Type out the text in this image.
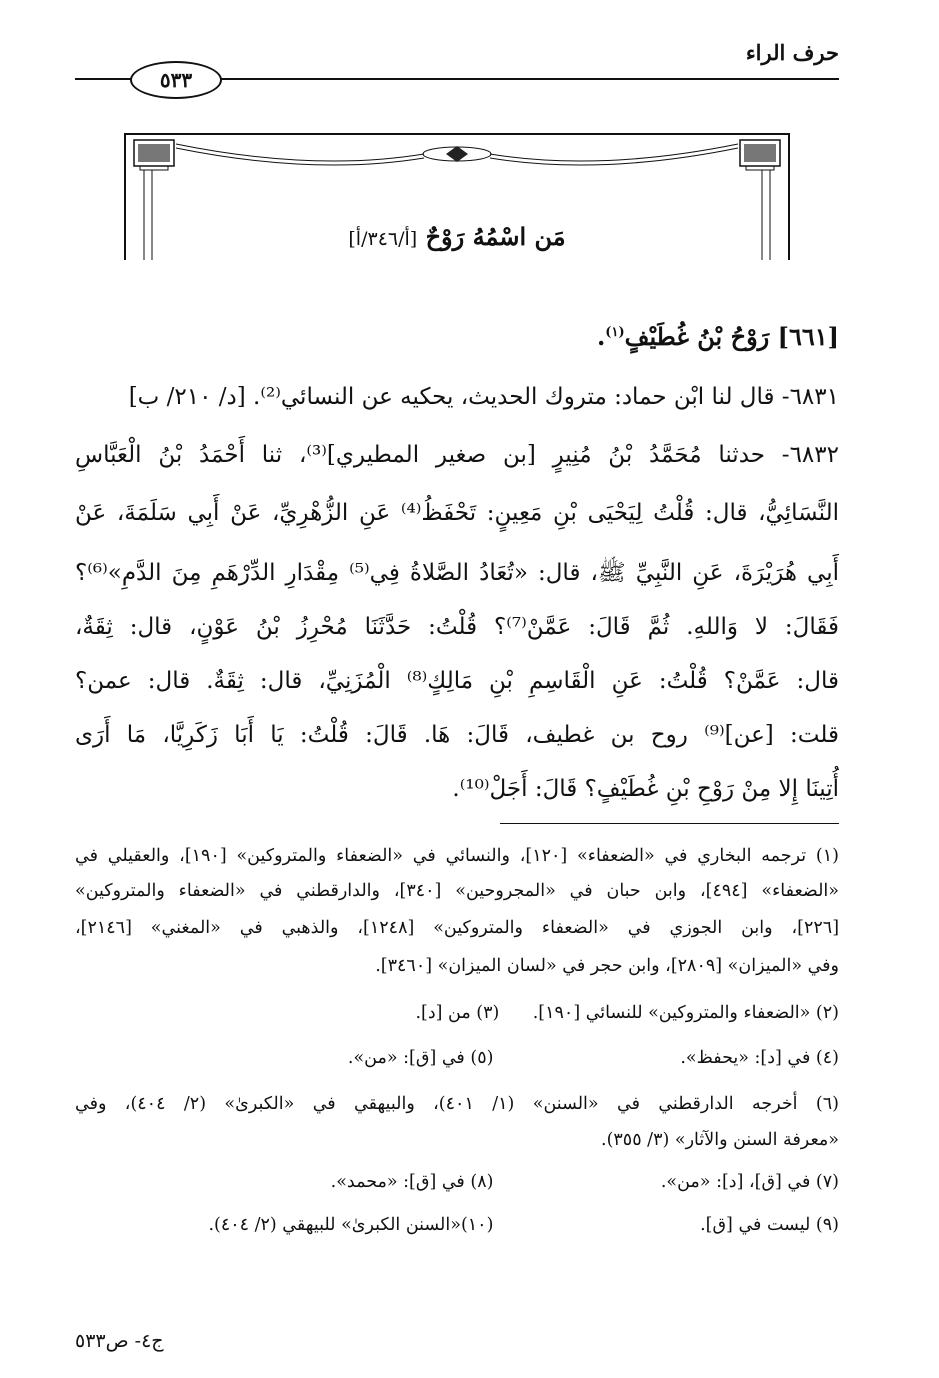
حرف الراء
٥٣٣
مَن اسْمُهُ رَوْحٌ [أ/٣٤٦/أ]
[٦٦١] رَوْحُ بْنُ غُطَيْفٍ$^{(١)}$.
٦٨٣١- قال لنا ابْن حماد: متروك الحديث، يحكيه عن النسائي⁽²⁾. [د/ ٢١٠/ ب]
٦٨٣٢- حدثنا مُحَمَّدُ بْنُ مُنِيرٍ [بن صغير المطيري]⁽³⁾، ثنا أَحْمَدُ بْنُ الْعَبَّاسِ
النَّسَائِيُّ، قال: قُلْتُ لِيَحْيَى بْنِ مَعِينٍ: تَحْفَظُ⁽⁴⁾ عَنِ الزُّهْرِيِّ، عَنْ أَبِي سَلَمَةَ، عَنْ
أَبِي هُرَيْرَةَ، عَنِ النَّبِيِّ ﷺ، قال: «تُعَادُ الصَّلاةُ فِي⁽⁵⁾ مِقْدَارِ الدِّرْهَمِ مِنَ الدَّمِ»⁽⁶⁾؟
فَقَالَ: لا وَاللهِ. ثُمَّ قَالَ: عَمَّنْ⁽⁷⁾؟ قُلْتُ: حَدَّثَنَا مُحْرِزُ بْنُ عَوْنٍ، قال: ثِقَةٌ،
قال: عَمَّنْ؟ قُلْتُ: عَنِ الْقَاسِمِ بْنِ مَالِكٍ⁽⁸⁾ الْمُزَنِيِّ، قال: ثِقَةٌ. قال: عمن؟
قلت: [عن]⁽⁹⁾ روح بن غطيف، قَالَ: هَا. قَالَ: قُلْتُ: يَا أَبَا زَكَرِيَّا، مَا أَرَى
أُتِينَا إِلا مِنْ رَوْحِ بْنِ غُطَيْفٍ؟ قَالَ: أَجَلْ⁽¹⁰⁾.
(١) ترجمه البخاري في «الضعفاء» [١٢٠]، والنسائي في «الضعفاء والمتروكين» [١٩٠]، والعقيلي في
«الضعفاء» [٤٩٤]، وابن حبان في «المجروحين» [٣٤٠]، والدارقطني في «الضعفاء والمتروكين»
[٢٢٦]، وابن الجوزي في «الضعفاء والمتروكين» [١٢٤٨]، والذهبي في «المغني» [٢١٤٦]،
وفي «الميزان» [٢٨٠٩]، وابن حجر في «لسان الميزان» [٣٤٦٠].
(٢) «الضعفاء والمتروكين» للنسائي [١٩٠].      (٣) من [د].
(٤) في [د]: «يحفظ». (٥) في [ق]: «من».
(٦) أخرجه الدارقطني في «السنن» (١/ ٤٠١)، والبيهقي في «الكبرىٰ» (٢/ ٤٠٤)، وفي
«معرفة السنن والآثار» (٣/ ٣٥٥).
(٧) في [ق]، [د]: «من». (٨) في [ق]: «محمد».
(٩) ليست في [ق]. (١٠)«السنن الكبرىٰ» للبيهقي (٢/ ٤٠٤).
ج٤- ص٥٣٣
